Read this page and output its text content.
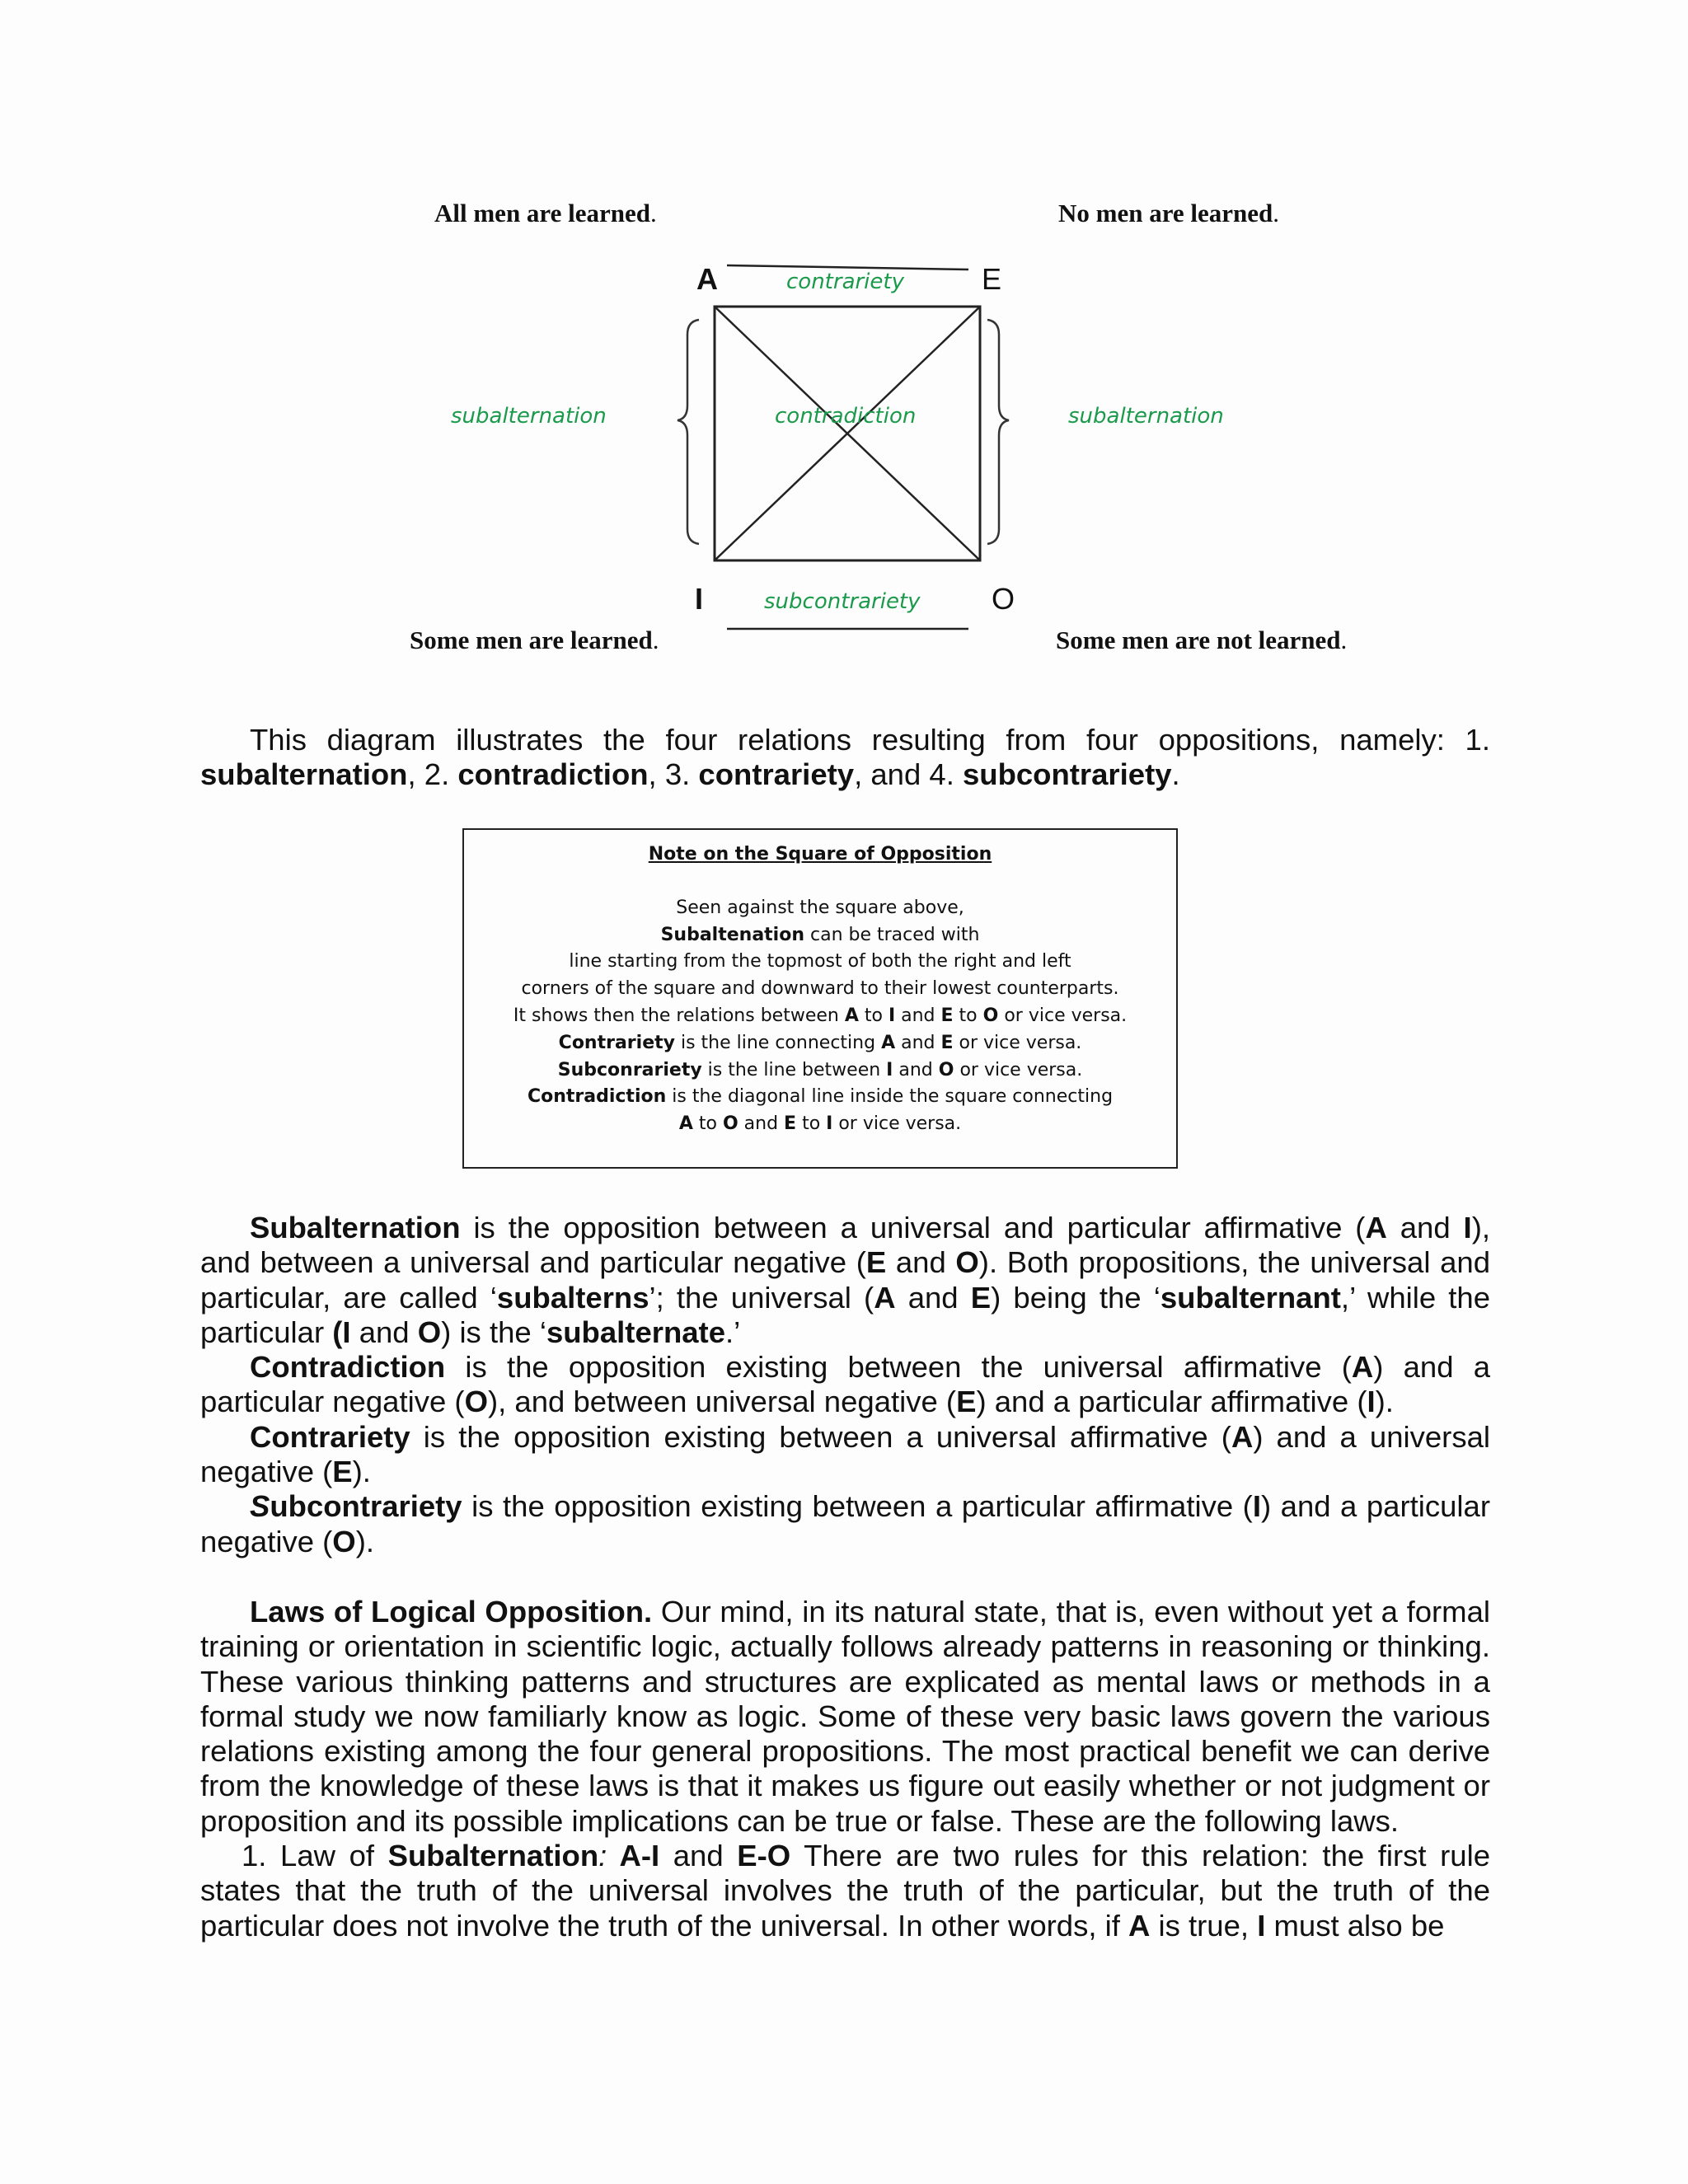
All men are learned.	No men are learned.
Some men are learned.	Some men are not learned.
A	E
I	O
contrariety
subcontrariety
contradiction
subalternation	subalternation

This diagram illustrates the four relations resulting from four oppositions, namely: 1. subalternation, 2. contradiction, 3. contrariety, and 4. subcontrariety.

Note on the Square of Opposition
Seen against the square above,
Subaltenation can be traced with
line starting from the topmost of both the right and left
corners of the square and downward to their lowest counterparts.
It shows then the relations between A to I and E to O or vice versa.
Contrariety is the line connecting A and E or vice versa.
Subconrariety is the line between I and O or vice versa.
Contradiction is the diagonal line inside the square connecting
A to O and E to I or vice versa.

Subalternation is the opposition between a universal and particular affirmative (A and I), and between a universal and particular negative (E and O). Both propositions, the universal and particular, are called ‘subalterns’; the universal (A and E) being the ‘subalternant,’ while the particular (I and O) is the ‘subalternate.’

Contradiction is the opposition existing between the universal affirmative (A) and a particular negative (O), and between universal negative (E) and a particular affirmative (I).

Contrariety is the opposition existing between a universal affirmative (A) and a universal negative (E).

Subcontrariety is the opposition existing between a particular affirmative (I) and a particular negative (O).

Laws of Logical Opposition. Our mind, in its natural state, that is, even without yet a formal training or orientation in scientific logic, actually follows already patterns in reasoning or thinking. These various thinking patterns and structures are explicated as mental laws or methods in a formal study we now familiarly know as logic. Some of these very basic laws govern the various relations existing among the four general propositions. The most practical benefit we can derive from the knowledge of these laws is that it makes us figure out easily whether or not judgment or proposition and its possible implications can be true or false. These are the following laws.

1. Law of Subalternation: A-I and E-O There are two rules for this relation: the first rule states that the truth of the universal involves the truth of the particular, but the truth of the particular does not involve the truth of the universal. In other words, if A is true, I must also be
